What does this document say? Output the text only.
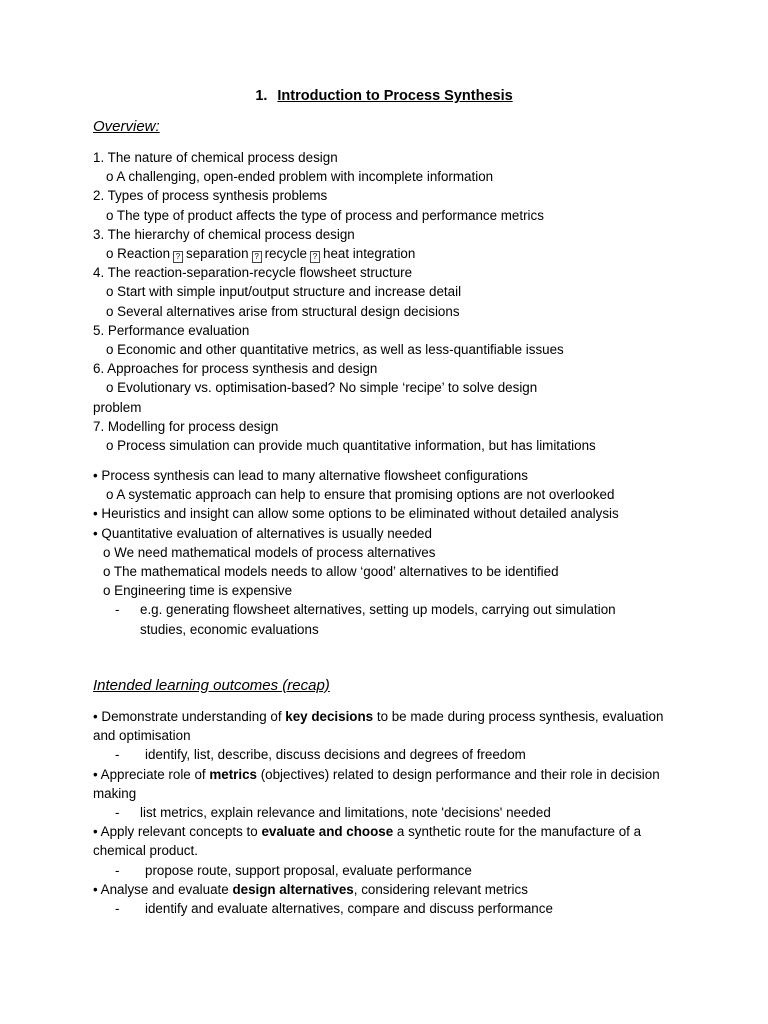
1. Introduction to Process Synthesis
Overview:
1. The nature of chemical process design
o A challenging, open-ended problem with incomplete information
2. Types of process synthesis problems
o The type of product affects the type of process and performance metrics
3. The hierarchy of chemical process design
o Reaction ? separation ? recycle ? heat integration
4. The reaction-separation-recycle flowsheet structure
o Start with simple input/output structure and increase detail
o Several alternatives arise from structural design decisions
5. Performance evaluation
o Economic and other quantitative metrics, as well as less-quantifiable issues
6. Approaches for process synthesis and design
o Evolutionary vs. optimisation-based? No simple ‘recipe’ to solve design
problem
7. Modelling for process design
o Process simulation can provide much quantitative information, but has limitations
• Process synthesis can lead to many alternative flowsheet configurations
o A systematic approach can help to ensure that promising options are not overlooked
• Heuristics and insight can allow some options to be eliminated without detailed analysis
• Quantitative evaluation of alternatives is usually needed
o We need mathematical models of process alternatives
o The mathematical models needs to allow ‘good’ alternatives to be identified
o Engineering time is expensive
-	e.g. generating flowsheet alternatives, setting up models, carrying out simulation studies, economic evaluations
Intended learning outcomes (recap)
• Demonstrate understanding of key decisions to be made during process synthesis, evaluation and optimisation
-	identify, list, describe, discuss decisions and degrees of freedom
• Appreciate role of metrics (objectives) related to design performance and their role in decision making
-	list metrics, explain relevance and limitations, note 'decisions' needed
• Apply relevant concepts to evaluate and choose a synthetic route for the manufacture of a chemical product.
-	propose route, support proposal, evaluate performance
• Analyse and evaluate design alternatives, considering relevant metrics
-	identify and evaluate alternatives, compare and discuss performance
